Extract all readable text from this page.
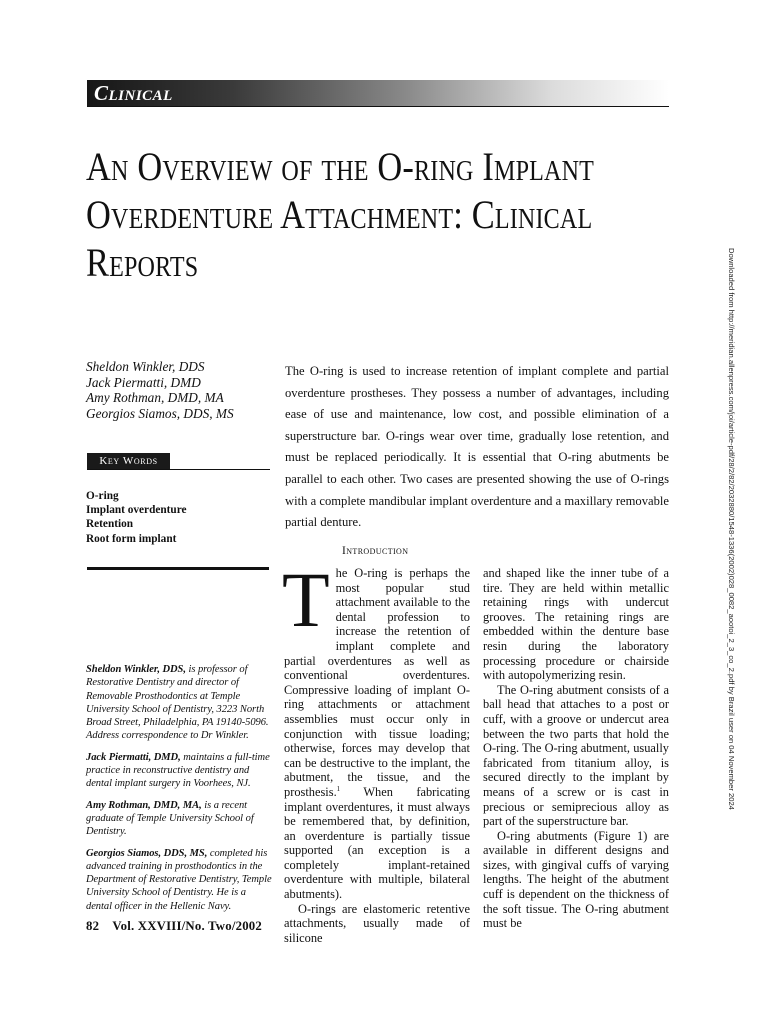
Clinical
An Overview of the O-ring Implant
Overdenture Attachment: Clinical
Reports	Downloaded from http://meridian.allenpress.com/joi/article-pdf/28/2/82/2032880/1548-1336(2002)028_0082_aootoi_2_3_co_2.pdf by Brazil user on 04 November 2024
Sheldon Winkler, DDS
Jack Piermatti, DMD
Amy Rothman, DMD, MA
Georgios Siamos, DDS, MS

The O-ring is used to increase retention of implant complete and partial overdenture prostheses. They possess a number of advantages, including ease of use and maintenance, low cost, and possible elimination of a superstructure bar. O-rings wear over time, gradually lose retention, and must be replaced periodically. It is essential that O-ring abutments be parallel to each other. Two cases are presented showing the use of O-rings with a complete mandibular implant overdenture and a maxillary removable partial denture.

Key Words
O-ring
Implant overdenture
Retention
Root form implant

Sheldon Winkler, DDS, is professor of Restorative Dentistry and director of Removable Prosthodontics at Temple University School of Dentistry, 3223 North Broad Street, Philadelphia, PA 19140-5096. Address correspondence to Dr Winkler.

Jack Piermatti, DMD, maintains a full-time practice in reconstructive dentistry and dental implant surgery in Voorhees, NJ.

Amy Rothman, DMD, MA, is a recent graduate of Temple University School of Dentistry.

Georgios Siamos, DDS, MS, completed his advanced training in prosthodontics in the Department of Restorative Dentistry, Temple University School of Dentistry. He is a dental officer in the Hellenic Navy.

Introduction

The O-ring is perhaps the most popular stud attachment available to the dental profession to increase the retention of implant complete and partial overdentures as well as conventional overdentures. Compressive loading of implant O-ring attachments or attachment assemblies must occur only in conjunction with tissue loading; otherwise, forces may develop that can be destructive to the implant, the abutment, the tissue, and the prosthesis.$^1$ When fabricating implant overdentures, it must always be remembered that, by definition, an overdenture is partially tissue supported (an exception is a completely implant-retained overdenture with multiple, bilateral abutments).

O-rings are elastomeric retentive attachments, usually made of silicone

and shaped like the inner tube of a tire. They are held within metallic retaining rings with undercut grooves. The retaining rings are embedded within the denture base resin during the laboratory processing procedure or chairside with autopolymerizing resin.

The O-ring abutment consists of a ball head that attaches to a post or cuff, with a groove or undercut area between the two parts that hold the O-ring. The O-ring abutment, usually fabricated from titanium alloy, is secured directly to the implant by means of a screw or is cast in precious or semiprecious alloy as part of the superstructure bar.

O-ring abutments (Figure 1) are available in different designs and sizes, with gingival cuffs of varying lengths. The height of the abutment cuff is dependent on the thickness of the soft tissue. The O-ring abutment must be

82 Vol. XXVIII/No. Two/2002
